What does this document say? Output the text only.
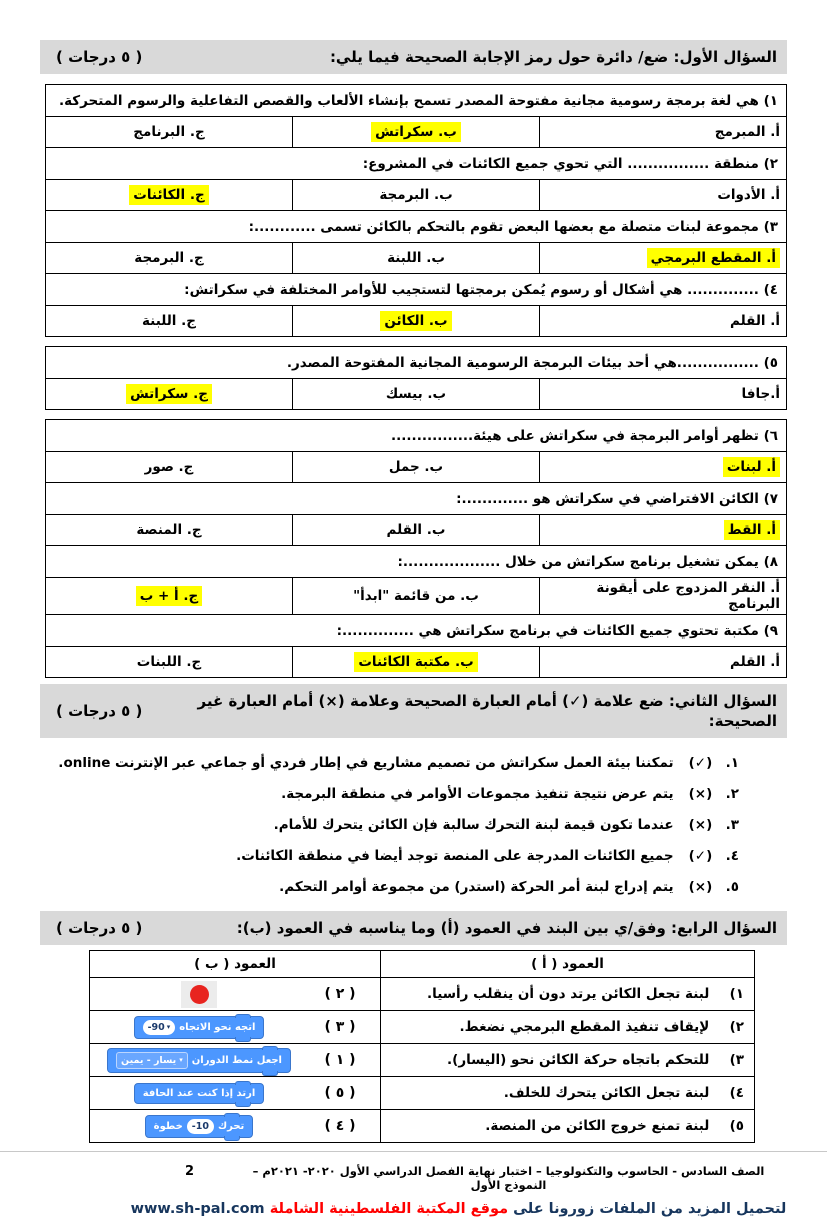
السؤال الأول: ضع/ دائرة حول رمز الإجابة الصحيحة فيما يلي:
( ٥ درجات )
١) هي لغة برمجة رسومية مجانية مفتوحة المصدر تسمح بإنشاء الألعاب والقصص التفاعلية والرسوم المتحركة.		
أ. المبرمج	ب. سكراتش	ج. البرنامج
٢) منطقة ................ التي تحوي جميع الكائنات في المشروع:		
أ. الأدوات	ب. البرمجة	ج. الكائنات
٣) مجموعة لبنات متصلة مع بعضها البعض تقوم بالتحكم بالكائن تسمى ............:		
أ. المقطع البرمجي	ب. اللبنة	ج. البرمجة
٤) .............. هي أشكال أو رسوم يُمكن برمجتها لتستجيب للأوامر المختلفة في سكراتش:		
أ. القلم	ب. الكائن	ج. اللبنة
٥) ................هي أحد بيئات البرمجة الرسومية المجانية المفتوحة المصدر.
أ.جافا	ب. بيسك	ج. سكراتش
٦) تظهر أوامر البرمجة في سكراتش على هيئة................		
أ. لبنات	ب. جمل	ج. صور
٧) الكائن الافتراضي في سكراتش هو .............:		
أ. القط	ب. القلم	ج. المنصة
٨) يمكن تشغيل برنامج سكراتش من خلال ...................:		
أ. النقر المزدوج على أيقونة البرنامج	ب. من قائمة "ابدأ"	ج. أ + ب
٩) مكتبة تحتوي جميع الكائنات في برنامج سكراتش هي ..............:		
أ. القلم	ب. مكتبة الكائنات	ج. اللبنات
السؤال الثاني: ضع علامة (✓) أمام العبارة الصحيحة وعلامة (×) أمام العبارة غير الصحيحة:
( ٥ درجات )
١. (✓) تمكننا بيئة العمل سكراتش من تصميم مشاريع في إطار فردي أو جماعي عبر الإنترنت online.
٢. (×) يتم عرض نتيجة تنفيذ مجموعات الأوامر في منطقة البرمجة.
٣. (×) عندما تكون قيمة لبنة التحرك سالبة فإن الكائن يتحرك للأمام.
٤. (✓) جميع الكائنات المدرجة على المنصة توجد أيضا في منطقة الكائنات.
٥. (×) يتم إدراج لبنة أمر الحركة (استدر) من مجموعة أوامر التحكم.
السؤال الرابع: وفق/ي بين البند في العمود (أ) وما يناسبه في العمود (ب):
( ٥ درجات )
العمود ( أ )	العمود ( ب )
١) لبنة تجعل الكائن يرتد دون أن ينقلب رأسيا.	( ٢ )

٢) لإيقاف تنفيذ المقطع البرمجي نضغط.	( ٣ )
اتجه نحو الاتجاه
-90 ▾

٣) للتحكم باتجاه حركة الكائن نحو (اليسار).	( ١ )
اجعل نمط الدوران
▾
يسار - يمين

٤) لبنة تجعل الكائن يتحرك للخلف.	( ٥ )
ارتد إذا كنت عند الحافة

٥) لبنة تمنع خروج الكائن من المنصة.	( ٤ )
تحرك
-10
خطوة
2	الصف السادس - الحاسوب والتكنولوجيا – اختبار نهاية الفصل الدراسي الأول ٢٠٢٠- ٢٠٢١م – النموذج الأول
لتحميل المزيد من الملفات زورونا على موقع المكتبة الفلسطينية الشاملة www.sh-pal.com
